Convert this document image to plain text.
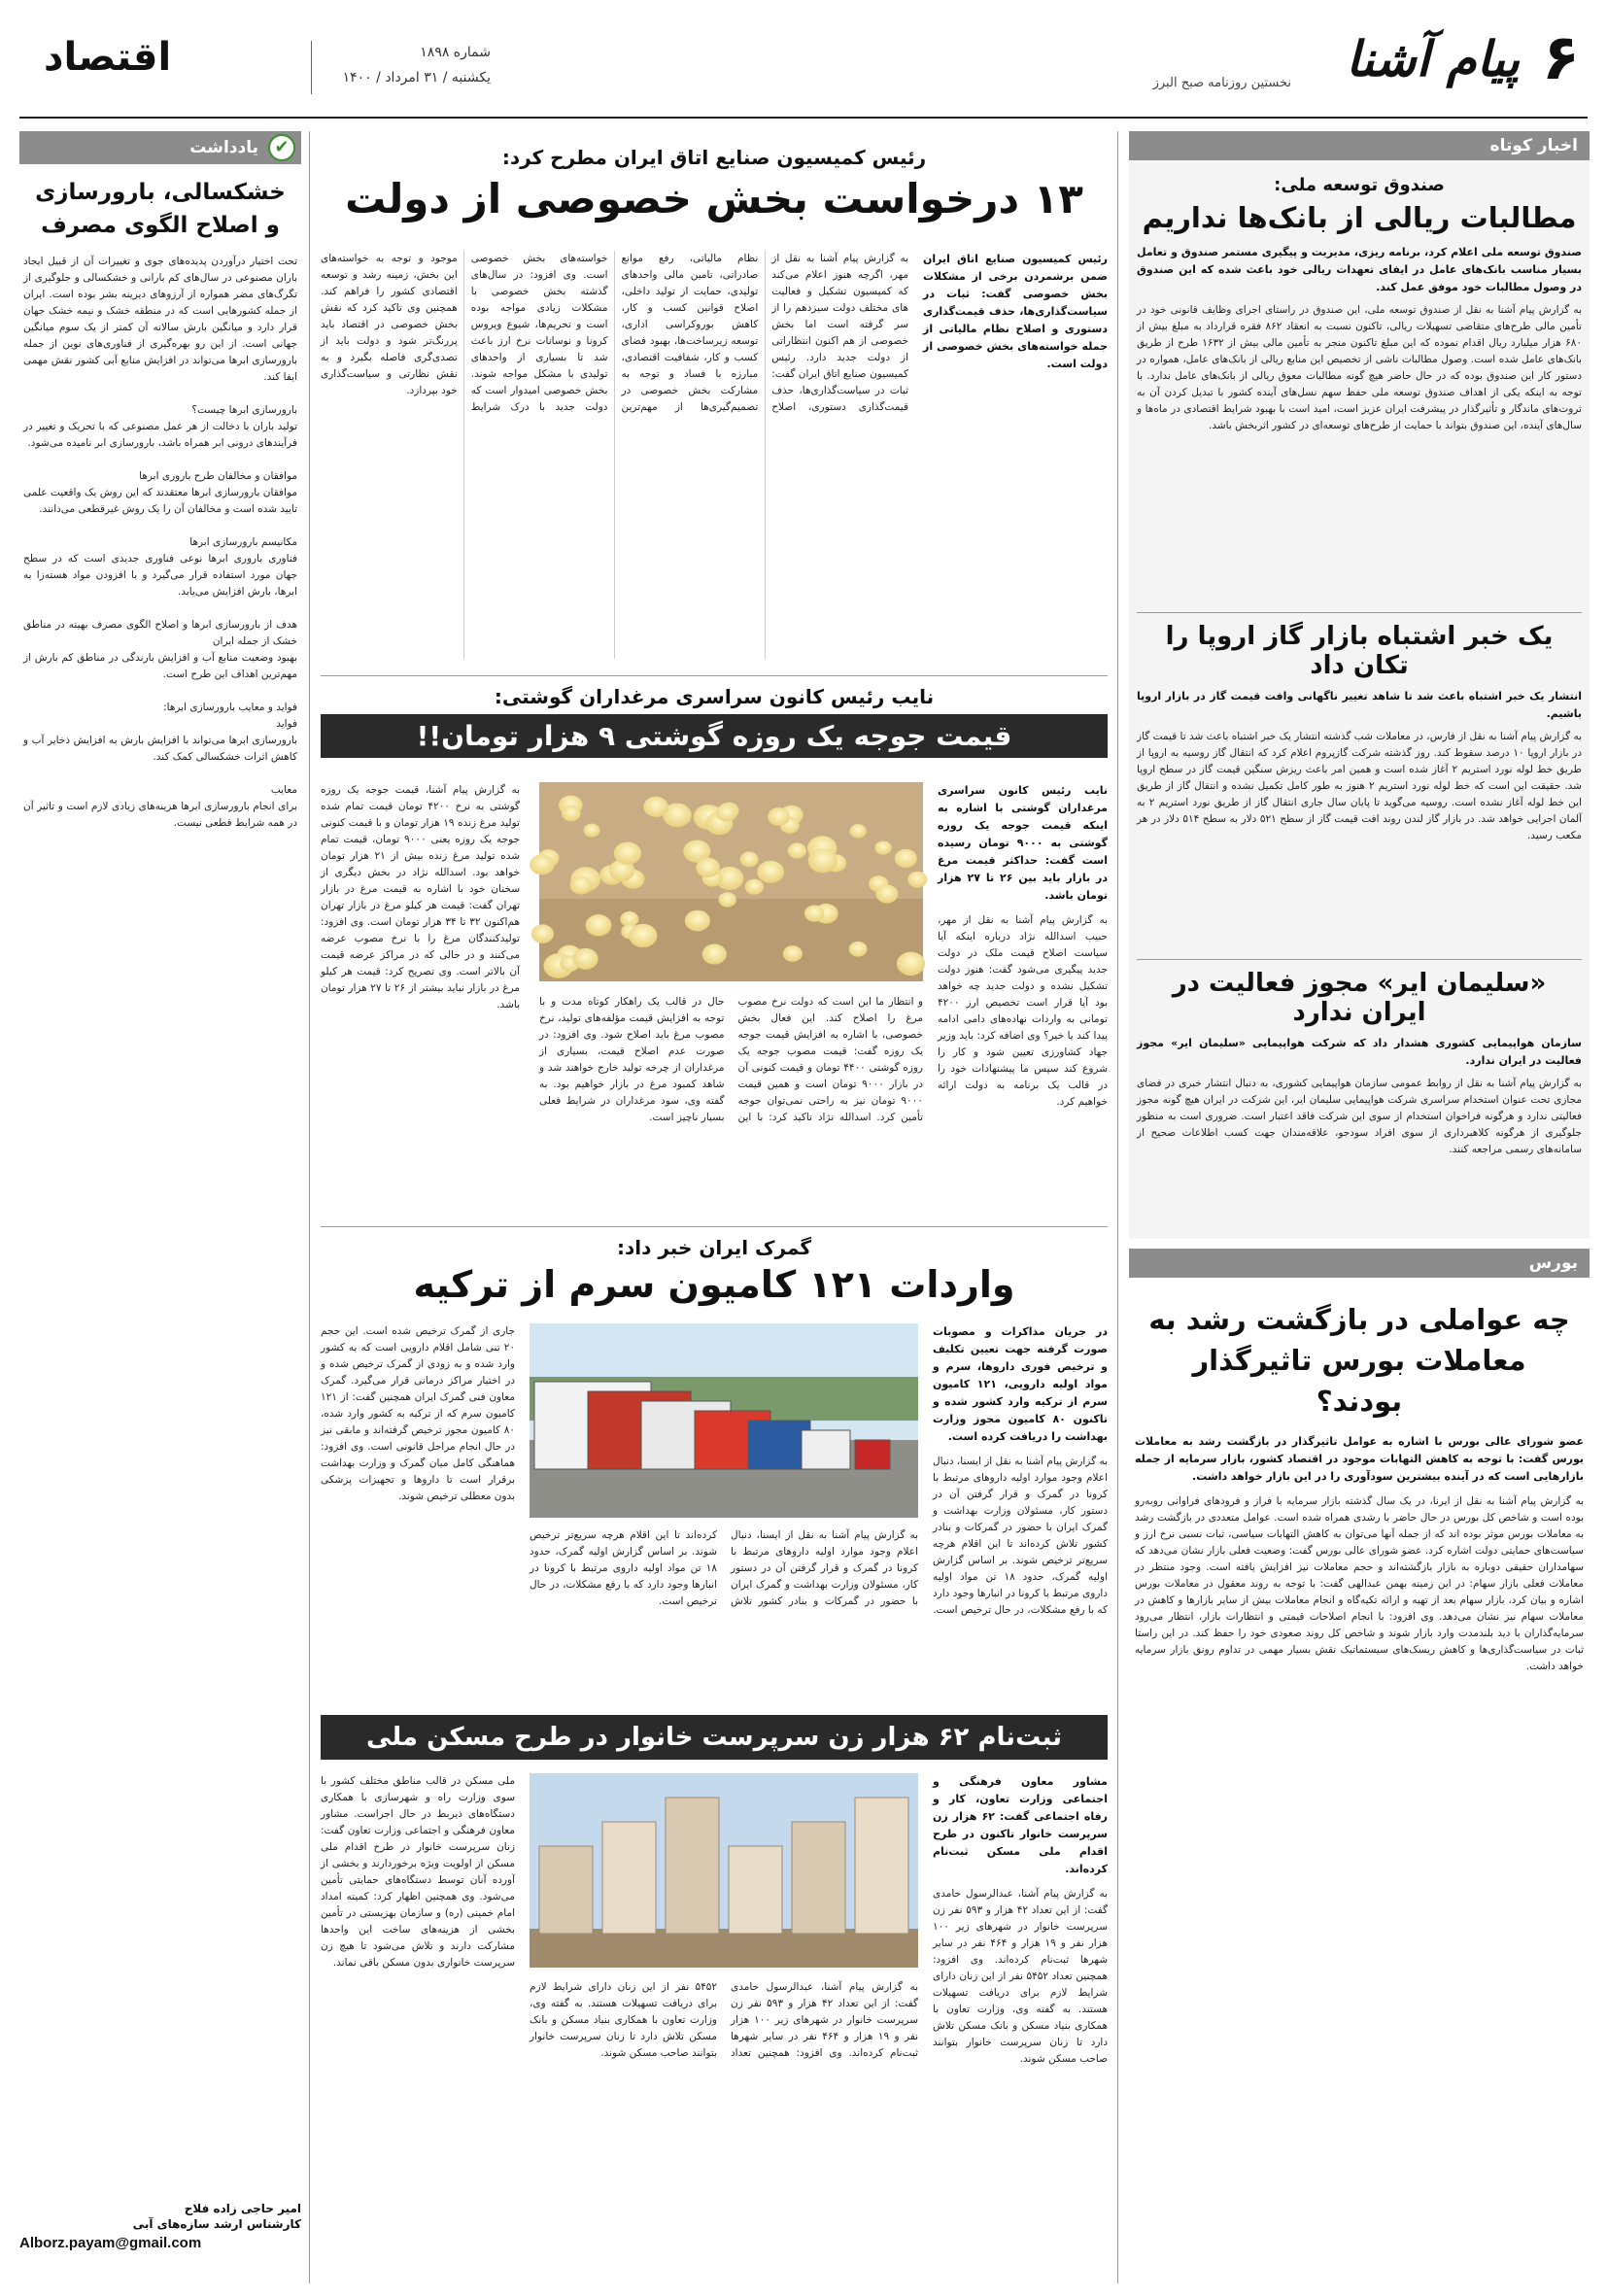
۶
پیام آشنا
نخستین روزنامه صبح البرز
اقتصاد	شماره ۱۸۹۸
یکشنبه / ۳۱ امرداد / ۱۴۰۰
اخبار کوتاه
صندوق توسعه ملی:
مطالبات ریالی از بانک‌ها نداریم
صندوق توسعه ملی اعلام کرد، برنامه ریزی، مدیریت و پیگیری مستمر صندوق و تعامل بسیار مناسب بانک‌های عامل در ایفای تعهدات ریالی خود باعث شده که این صندوق در وصول مطالبات خود موفق عمل کند.
به گزارش پیام آشنا به نقل از صندوق توسعه ملی، این صندوق در راستای اجرای وظایف قانونی خود در تأمین مالی طرح‌های متقاضی تسهیلات ریالی، تاکنون نسبت به انعقاد ۸۶۲ فقره قرارداد به مبلغ بیش از ۶۸۰ هزار میلیارد ریال اقدام نموده که این مبلغ تاکنون منجر به تأمین مالی بیش از ۱۶۳۲ طرح از طریق بانک‌های عامل شده است. وصول مطالبات ناشی از تخصیص این منابع ریالی از بانک‌های عامل، همواره در دستور کار این صندوق بوده که در حال حاضر هیچ گونه مطالبات معوق ریالی از بانک‌های عامل ندارد. با توجه به اینکه یکی از اهداف صندوق توسعه ملی حفظ سهم نسل‌های آینده کشور با تبدیل کردن آن به ثروت‌های ماندگار و تأثیرگذار در پیشرفت ایران عزیز است، امید است با بهبود شرایط اقتصادی در ماه‌ها و سال‌های آینده، این صندوق بتواند با حمایت از طرح‌های توسعه‌ای در کشور اثربخش باشد.
یک خبر اشتباه بازار گاز اروپا را تکان داد
انتشار یک خبر اشتباه باعث شد تا شاهد تغییر ناگهانی وافت قیمت گاز در بازار اروپا باشیم.
به گزارش پیام آشنا به نقل از فارس، در معاملات شب گذشته انتشار یک خبر اشتباه باعث شد تا قیمت گاز در بازار اروپا ۱۰ درصد سقوط کند. روز گذشته شرکت گازپروم اعلام کرد که انتقال گاز روسیه به اروپا از طریق خط لوله نورد استریم ۲ آغاز شده است و همین امر باعث ریزش سنگین قیمت گاز در سطح اروپا شد. حقیقت این است که خط لوله نورد استریم ۲ هنوز به طور کامل تکمیل نشده و انتقال گاز از طریق این خط لوله آغاز نشده است. روسیه می‌گوید تا پایان سال جاری انتقال گاز از طریق نورد استریم ۲ به آلمان اجرایی خواهد شد. در بازار گاز لندن روند افت قیمت گاز از سطح ۵۲۱ دلار به سطح ۵۱۴ دلار در هر مکعب رسید.
«سلیمان ایر» مجوز فعالیت در ایران ندارد
سازمان هواپیمایی کشوری هشدار داد که شرکت هواپیمایی «سلیمان ایر» مجوز فعالیت در ایران ندارد.
به گزارش پیام آشنا به نقل از روابط عمومی سازمان هواپیمایی کشوری، به دنبال انتشار خبری در فضای مجازی تحت عنوان استخدام سراسری شرکت هواپیمایی سلیمان ایر، این شرکت در ایران هیچ گونه مجوز فعالیتی ندارد و هرگونه فراخوان استخدام از سوی این شرکت فاقد اعتبار است. ضروری است به منظور جلوگیری از هرگونه کلاهبرداری از سوی افراد سودجو، علاقه‌مندان جهت کسب اطلاعات صحیح از سامانه‌های رسمی مراجعه کنند.
بورس
چه عواملی در بازگشت رشد به معاملات بورس تاثیرگذار بودند؟
عضو شورای عالی بورس با اشاره به عوامل تاثیرگذار در بازگشت رشد به معاملات بورس گفت: با توجه به کاهش التهابات موجود در اقتصاد کشور، بازار سرمایه از جمله بازارهایی است که در آینده بیشترین سودآوری را در این بازار خواهد داشت.
به گزارش پیام آشنا به نقل از ایرنا، در یک سال گذشته بازار سرمایه با فراز و فرودهای فراوانی روبه‌رو بوده است و شاخص کل بورس در حال حاضر با رشدی همراه شده است. عوامل متعددی در بازگشت رشد به معاملات بورس موثر بوده اند که از جمله آنها می‌توان به کاهش التهابات سیاسی، ثبات نسبی نرخ ارز و سیاست‌های حمایتی دولت اشاره کرد. عضو شورای عالی بورس گفت: وضعیت فعلی بازار نشان می‌دهد که سهامداران حقیقی دوباره به بازار بازگشته‌اند و حجم معاملات نیز افزایش یافته است. وجود منتظر در معاملات فعلی بازار سهام: در این زمینه بهمن عبدالهی گفت: با توجه به روند معقول در معاملات بورس اشاره و بیان کرد، بازار سهام بعد از تهیه و ارائه تکیه‌گاه و انجام معاملات بیش از سایر بازارها و کاهش در معاملات سهام نیز نشان می‌دهد. وی افزود: با انجام اصلاحات قیمتی و انتظارات بازار، انتظار می‌رود سرمایه‌گذاران با دید بلندمدت وارد بازار شوند و شاخص کل روند صعودی خود را حفظ کند. در این راستا ثبات در سیاست‌گذاری‌ها و کاهش ریسک‌های سیستماتیک نقش بسیار مهمی در تداوم رونق بازار سرمایه خواهد داشت.
رئیس کمیسیون صنایع اتاق ایران مطرح کرد:
۱۳ درخواست بخش خصوصی از دولت
رئیس کمیسیون صنایع اتاق ایران ضمن برشمردن برخی از مشکلات بخش خصوصی گفت: ثبات در سیاست‌گذاری‌ها، حذف قیمت‌گذاری دستوری و اصلاح نظام مالیاتی از جمله خواسته‌های بخش خصوصی از دولت است.
به گزارش پیام آشنا به نقل از مهر، اگرچه هنوز اعلام می‌کند که کمیسیون تشکیل و فعالیت های مختلف دولت سیزدهم را از سر گرفته است اما بخش خصوصی از هم اکنون انتظاراتی از دولت جدید دارد. رئیس کمیسیون صنایع اتاق ایران گفت: ثبات در سیاست‌گذاری‌ها، حذف قیمت‌گذاری دستوری، اصلاح نظام مالیاتی، رفع موانع صادراتی، تامین مالی واحدهای تولیدی، حمایت از تولید داخلی، اصلاح قوانین کسب و کار، کاهش بوروکراسی اداری، توسعه زیرساخت‌ها، بهبود فضای کسب و کار، شفافیت اقتصادی، مبارزه با فساد و توجه به مشارکت بخش خصوصی در تصمیم‌گیری‌ها از مهم‌ترین خواسته‌های بخش خصوصی است. وی افزود: در سال‌های گذشته بخش خصوصی با مشکلات زیادی مواجه بوده است و تحریم‌ها، شیوع ویروس کرونا و نوسانات نرخ ارز باعث شد تا بسیاری از واحدهای تولیدی با مشکل مواجه شوند. بخش خصوصی امیدوار است که دولت جدید با درک شرایط موجود و توجه به خواسته‌های این بخش، زمینه رشد و توسعه اقتصادی کشور را فراهم کند. همچنین وی تاکید کرد که نقش بخش خصوصی در اقتصاد باید پررنگ‌تر شود و دولت باید از تصدی‌گری فاصله بگیرد و به نقش نظارتی و سیاست‌گذاری خود بپردازد.
نایب رئیس کانون سراسری مرغداران گوشتی:
قیمت جوجه یک روزه گوشتی ۹ هزار تومان!!
نایب رئیس کانون سراسری مرغداران گوشتی با اشاره به اینکه قیمت جوجه یک روزه گوشتی به ۹۰۰۰ تومان رسیده است گفت: حداکثر قیمت مرغ در بازار باید بین ۲۶ تا ۲۷ هزار تومان باشد.
به گزارش پیام آشنا به نقل از مهر، حبیب اسدالله نژاد درباره اینکه آیا سیاست اصلاح قیمت ملک در دولت جدید پیگیری می‌شود گفت: هنوز دولت تشکیل نشده و دولت جدید چه خواهد بود آیا قرار است تخصیص ارز ۴۲۰۰ تومانی به واردات نهاده‌های دامی ادامه پیدا کند یا خیر؟ وی اضافه کرد: باید وزیر جهاد کشاورزی تعیین شود و کار را شروع کند سپس ما پیشنهادات خود را در قالب یک برنامه به دولت ارائه خواهیم کرد.
و انتظار ما این است که دولت نرخ مصوب مرغ را اصلاح کند. این فعال بخش خصوصی، با اشاره به افزایش قیمت جوجه یک روزه گفت: قیمت مصوب جوجه یک روزه گوشتی ۴۴۰۰ تومان و قیمت کنونی آن در بازار ۹۰۰۰ تومان است و همین قیمت ۹۰۰۰ تومان نیز به راحتی نمی‌توان جوجه تأمین کرد. اسدالله نژاد تاکید کرد: با این حال در قالب یک راهکار کوتاه مدت و با توجه به افزایش قیمت مؤلفه‌های تولید، نرخ مصوب مرغ باید اصلاح شود. وی افزود: در صورت عدم اصلاح قیمت، بسیاری از مرغداران از چرخه تولید خارج خواهند شد و شاهد کمبود مرغ در بازار خواهیم بود. به گفته وی، سود مرغداران در شرایط فعلی بسیار ناچیز است.
به گزارش پیام آشنا، قیمت جوجه یک روزه گوشتی به نرخ ۴۲۰۰ تومان قیمت تمام شده تولید مرغ زنده ۱۹ هزار تومان و با قیمت کنونی جوجه یک روزه یعنی ۹۰۰۰ تومان، قیمت تمام شده تولید مرغ زنده بیش از ۲۱ هزار تومان خواهد بود. اسدالله نژاد در بخش دیگری از سخنان خود با اشاره به قیمت مرغ در بازار تهران گفت: قیمت هر کیلو مرغ در بازار تهران هم‌اکنون ۳۲ تا ۳۴ هزار تومان است. وی افزود: تولیدکنندگان مرغ را با نرخ مصوب عرضه می‌کنند و در حالی که در مراکز عرضه قیمت آن بالاتر است. وی تصریح کرد: قیمت هر کیلو مرغ در بازار نباید بیشتر از ۲۶ تا ۲۷ هزار تومان باشد.
گمرک ایران خبر داد:
واردات ۱۲۱ کامیون سرم از ترکیه
در جریان مذاکرات و مصوبات صورت گرفته جهت تعیین تکلیف و ترخیص فوری داروها، سرم و مواد اولیه دارویی، ۱۲۱ کامیون سرم از ترکیه وارد کشور شده و تاکنون ۸۰ کامیون مجوز وزارت بهداشت را دریافت کرده است.
به گزارش پیام آشنا به نقل از ایسنا، دنبال اعلام وجود موارد اولیه داروهای مرتبط با کرونا در گمرک و قرار گرفتن آن در دستور کار، مسئولان وزارت بهداشت و گمرک ایران با حضور در گمرکات و بنادر کشور تلاش کرده‌اند تا این اقلام هرچه سریع‌تر ترخیص شوند. بر اساس گزارش اولیه گمرک، حدود ۱۸ تن مواد اولیه داروی مرتبط با کرونا در انبارها وجود دارد که با رفع مشکلات، در حال ترخیص است.
جاری از گمرک ترخیص شده است. این حجم ۲۰ تنی شامل اقلام دارویی است که به کشور وارد شده و به زودی از گمرک ترخیص شده و در اختیار مراکز درمانی قرار می‌گیرد. گمرک معاون فنی گمرک ایران همچنین گفت: از ۱۲۱ کامیون سرم که از ترکیه به کشور وارد شده، ۸۰ کامیون مجوز ترخیص گرفته‌اند و مابقی نیز در حال انجام مراحل قانونی است. وی افزود: هماهنگی کامل میان گمرک و وزارت بهداشت برقرار است تا داروها و تجهیزات پزشکی بدون معطلی ترخیص شوند.
به گزارش پیام آشنا به نقل از ایسنا، دنبال اعلام وجود موارد اولیه داروهای مرتبط با کرونا در گمرک و قرار گرفتن آن در دستور کار، مسئولان وزارت بهداشت و گمرک ایران با حضور در گمرکات و بنادر کشور تلاش کرده‌اند تا این اقلام هرچه سریع‌تر ترخیص شوند. بر اساس گزارش اولیه گمرک، حدود ۱۸ تن مواد اولیه داروی مرتبط با کرونا در انبارها وجود دارد که با رفع مشکلات، در حال ترخیص است.
ثبت‌نام ۶۲ هزار زن سرپرست خانوار در طرح مسکن ملی
مشاور معاون فرهنگی و اجتماعی وزارت تعاون، کار و رفاه اجتماعی گفت: ۶۲ هزار زن سرپرست خانوار تاکنون در طرح اقدام ملی مسکن ثبت‌نام کرده‌اند.
به گزارش پیام آشنا، عبدالرسول حامدی گفت: از این تعداد ۴۲ هزار و ۵۹۳ نفر زن سرپرست خانوار در شهرهای زیر ۱۰۰ هزار نفر و ۱۹ هزار و ۴۶۴ نفر در سایر شهرها ثبت‌نام کرده‌اند. وی افزود: همچنین تعداد ۵۴۵۲ نفر از این زنان دارای شرایط لازم برای دریافت تسهیلات هستند. به گفته وی، وزارت تعاون با همکاری بنیاد مسکن و بانک مسکن تلاش دارد تا زنان سرپرست خانوار بتوانند صاحب مسکن شوند.
ملی مسکن در قالب مناطق مختلف کشور با سوی وزارت راه و شهرسازی با همکاری دستگاه‌های ذیربط در حال اجراست. مشاور معاون فرهنگی و اجتماعی وزارت تعاون گفت: زنان سرپرست خانوار در طرح اقدام ملی مسکن از اولویت ویژه برخوردارند و بخشی از آورده آنان توسط دستگاه‌های حمایتی تأمین می‌شود. وی همچنین اظهار کرد: کمیته امداد امام خمینی (ره) و سازمان بهزیستی در تأمین بخشی از هزینه‌های ساخت این واحدها مشارکت دارند و تلاش می‌شود تا هیچ زن سرپرست خانواری بدون مسکن باقی نماند.
به گزارش پیام آشنا، عبدالرسول حامدی گفت: از این تعداد ۴۲ هزار و ۵۹۳ نفر زن سرپرست خانوار در شهرهای زیر ۱۰۰ هزار نفر و ۱۹ هزار و ۴۶۴ نفر در سایر شهرها ثبت‌نام کرده‌اند. وی افزود: همچنین تعداد ۵۴۵۲ نفر از این زنان دارای شرایط لازم برای دریافت تسهیلات هستند. به گفته وی، وزارت تعاون با همکاری بنیاد مسکن و بانک مسکن تلاش دارد تا زنان سرپرست خانوار بتوانند صاحب مسکن شوند.
یادداشت ✔
خشکسالی، بارورسازی و اصلاح الگوی مصرف
تحت اختیار درآوردن پدیده‌های جوی و تغییرات آن از قبیل ایجاد باران مصنوعی در سال‌های کم بارانی و خشکسالی و جلوگیری از تگرگ‌های مضر همواره از آرزوهای دیرینه بشر بوده است. ایران از جمله کشورهایی است که در منطقه خشک و نیمه خشک جهان قرار دارد و میانگین بارش سالانه آن کمتر از یک سوم میانگین جهانی است. از این رو بهره‌گیری از فناوری‌های نوین از جمله بارورسازی ابرها می‌تواند در افزایش منابع آبی کشور نقش مهمی ایفا کند.

بارورسازی ابرها چیست؟
تولید باران با دخالت از هر عمل مصنوعی که با تحریک و تغییر در فرآیندهای درونی ابر همراه باشد، بارورسازی ابر نامیده می‌شود.

موافقان و مخالفان طرح باروری ابرها
موافقان بارورسازی ابرها معتقدند که این روش یک واقعیت علمی تایید شده است و مخالفان آن را یک روش غیرقطعی می‌دانند.

مکانیسم بارورسازی ابرها
فناوری باروری ابرها نوعی فناوری جدیدی است که در سطح جهان مورد استفاده قرار می‌گیرد و با افزودن مواد هسته‌زا به ابرها، بارش افزایش می‌یابد.

هدف از بارورسازی ابرها و اصلاح الگوی مصرف بهینه در مناطق خشک از جمله ایران
بهبود وضعیت منابع آب و افزایش بارندگی در مناطق کم بارش از مهم‌ترین اهداف این طرح است.

فواید و معایب بارورسازی ابرها:
فواید
بارورسازی ابرها می‌تواند با افزایش بارش به افزایش ذخایر آب و کاهش اثرات خشکسالی کمک کند.

معایب
برای انجام بارورسازی ابرها هزینه‌های زیادی لازم است و تاثیر آن در همه شرایط قطعی نیست.
امیر حاجی زاده فلاح
کارشناس ارشد سازه‌های آبی
Alborz.payam@gmail.com
